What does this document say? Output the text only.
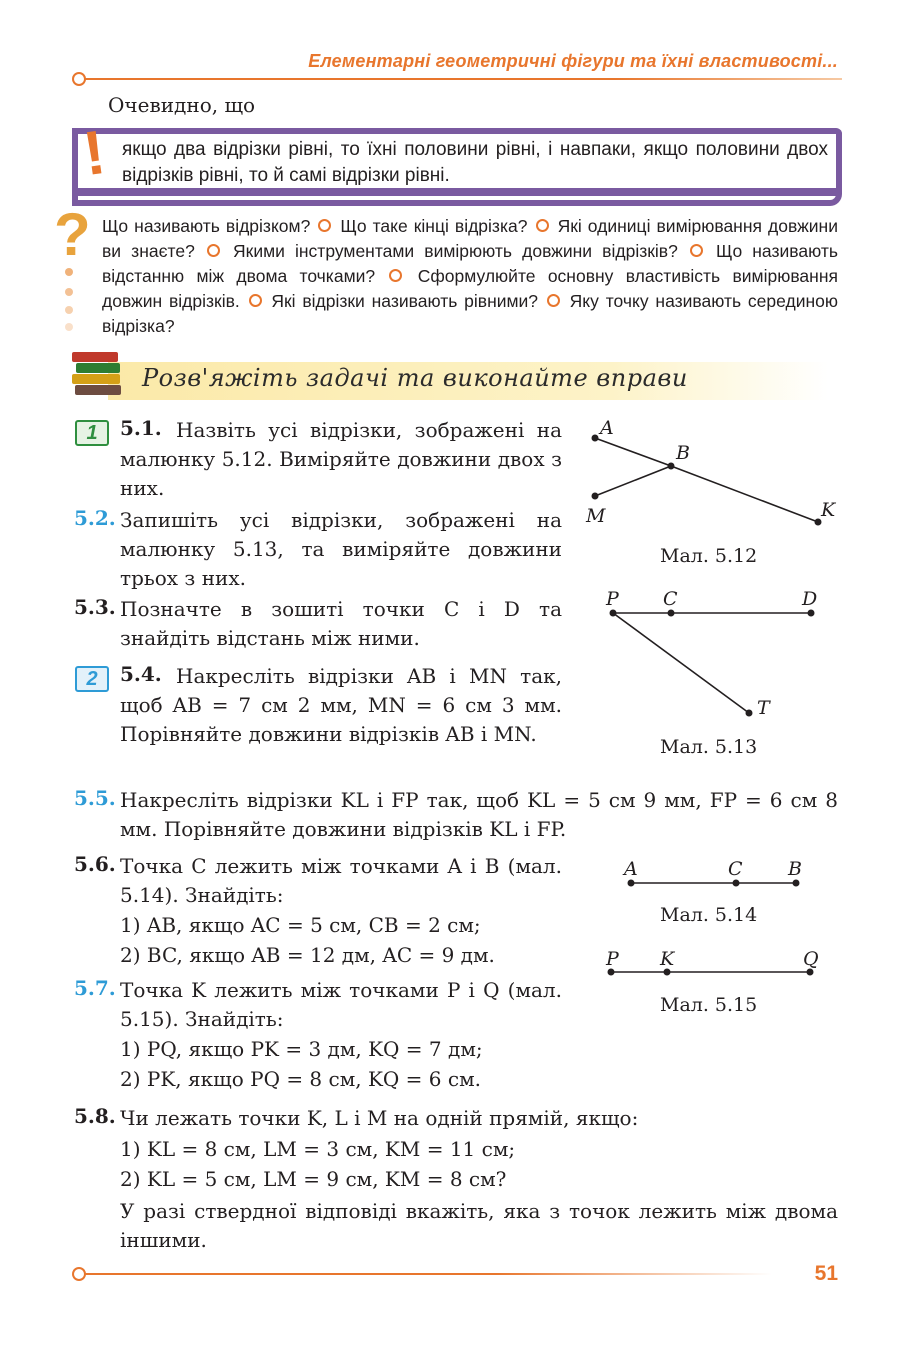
Елементарні геометричні фігури та їхні властивості...
Очевидно, що
! якщо два відрізки рівні, то їхні половини рівні, і навпаки, якщо половини двох відрізків рівні, то й самі відрізки рівні.
? Що називають відрізком? Що таке кінці відрізка? Які одиниці вимірювання довжини ви знаєте? Якими інструментами вимірюють довжини відрізків? Що називають відстанню між двома точками? Сформулюйте основну властивість вимірювання довжин відрізків. Які відрізки називають рівними? Яку точку називають серединою відрізка?
Розв'яжіть задачі та виконайте вправи
1
2
5.1. Назвіть усі відрізки, зображені на малюнку 5.12. Виміряйте довжини двох з них.
5.2. Запишіть усі відрізки, зображені на малюнку 5.13, та виміряйте довжини трьох з них.
5.3. Позначте в зошиті точки C і D та знайдіть відстань між ними.
5.4. Накресліть відрізки AB і MN так, щоб AB = 7 см 2 мм, MN = 6 см 3 мм. Порівняйте довжини відрізків AB і MN.
5.5. Накресліть відрізки KL і FP так, щоб KL = 5 см 9 мм, FP = 6 см 8 мм. Порівняйте довжини відрізків KL і FP.
5.6. Точка C лежить між точками A і B (мал. 5.14). Знайдіть:
1) AB, якщо AC = 5 см, CB = 2 см;
2) BC, якщо AB = 12 дм, AC = 9 дм.
5.7. Точка K лежить між точками P і Q (мал. 5.15). Знайдіть:
1) PQ, якщо PK = 3 дм, KQ = 7 дм;
2) PK, якщо PQ = 8 см, KQ = 6 см.
5.8. Чи лежать точки K, L і M на одній прямій, якщо:
1) KL = 8 см, LM = 3 см, KM = 11 см;
2) KL = 5 см, LM = 9 см, KM = 8 см?
У разі ствердної відповіді вкажіть, яка з точок лежить між двома іншими.
A
B
M	K
Мал. 5.12
P C	D
T
Мал. 5.13
A	C B
Мал. 5.14
P K	Q
Мал. 5.15
51
